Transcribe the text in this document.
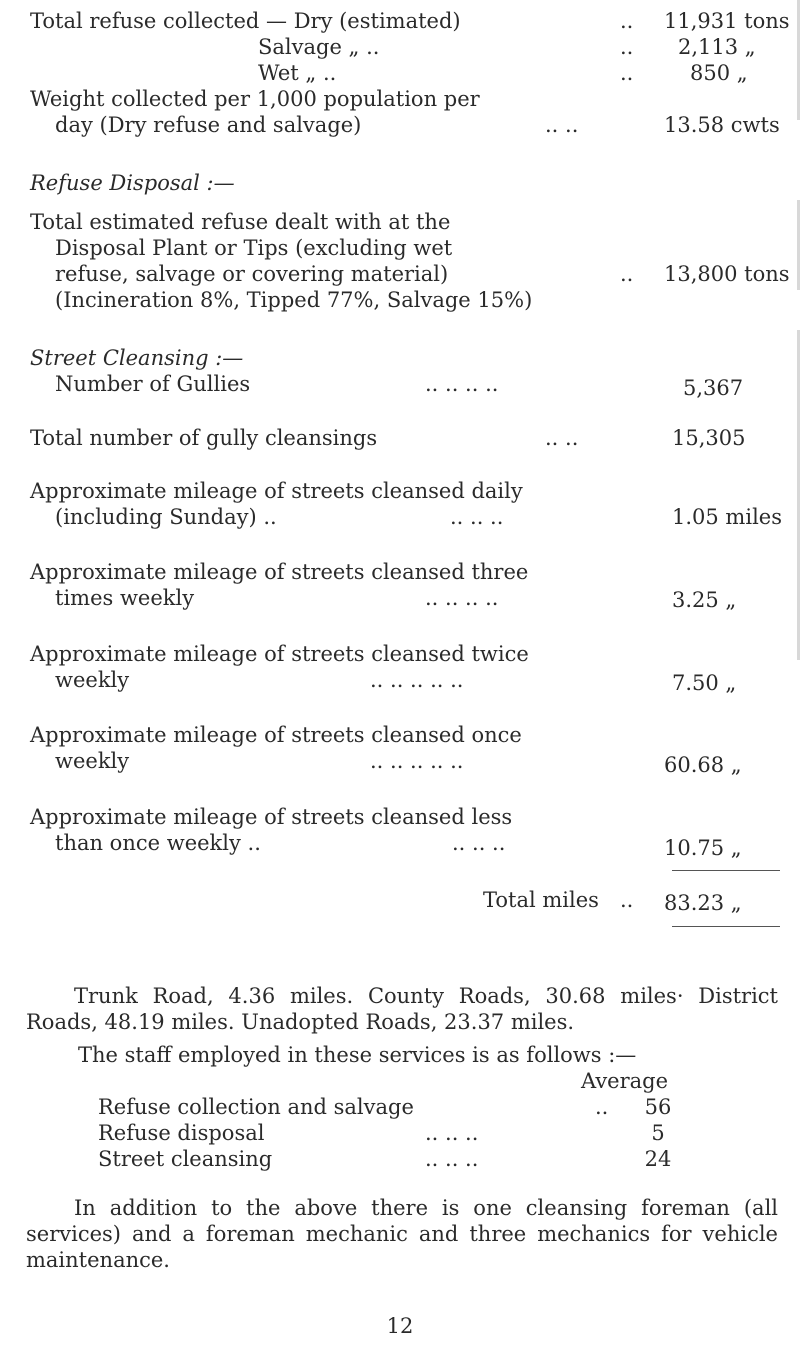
Total refuse collected — Dry (estimated)	.. 11,931 tons
Salvage „ ..	.. 2,113 „
Wet „ ..	..	850 „
Weight collected per 1,000 population per
day (Dry refuse and salvage)	.. ..	13.58 cwts
Refuse Disposal :—
Total estimated refuse dealt with at the
Disposal Plant or Tips (excluding wet
refuse, salvage or covering material)	.. 13,800 tons
(Incineration 8%, Tipped 77%, Salvage 15%)
Street Cleansing :—
Number of Gullies	.. .. .. ..	5,367
Total number of gully cleansings	.. ..	15,305
Approximate mileage of streets cleansed daily
(including Sunday) ..	.. .. ..	1.05 miles
Approximate mileage of streets cleansed three
times weekly	.. .. .. ..	3.25 „
Approximate mileage of streets cleansed twice
weekly	.. .. .. .. ..	7.50 „
Approximate mileage of streets cleansed once
weekly	.. .. .. .. ..	60.68 „
Approximate mileage of streets cleansed less
than once weekly ..	.. .. ..	10.75 „
Total miles .. 83.23 „
Trunk Road, 4.36 miles. County Roads, 30.68 miles· District Roads, 48.19 miles. Unadopted Roads, 23.37 miles.
The staff employed in these services is as follows :—
Average
Refuse collection and salvage	..	56
Refuse disposal	.. .. ..	5
Street cleansing	.. .. ..	24
In addition to the above there is one cleansing foreman (all services) and a foreman mechanic and three mechanics for vehicle maintenance.
12
